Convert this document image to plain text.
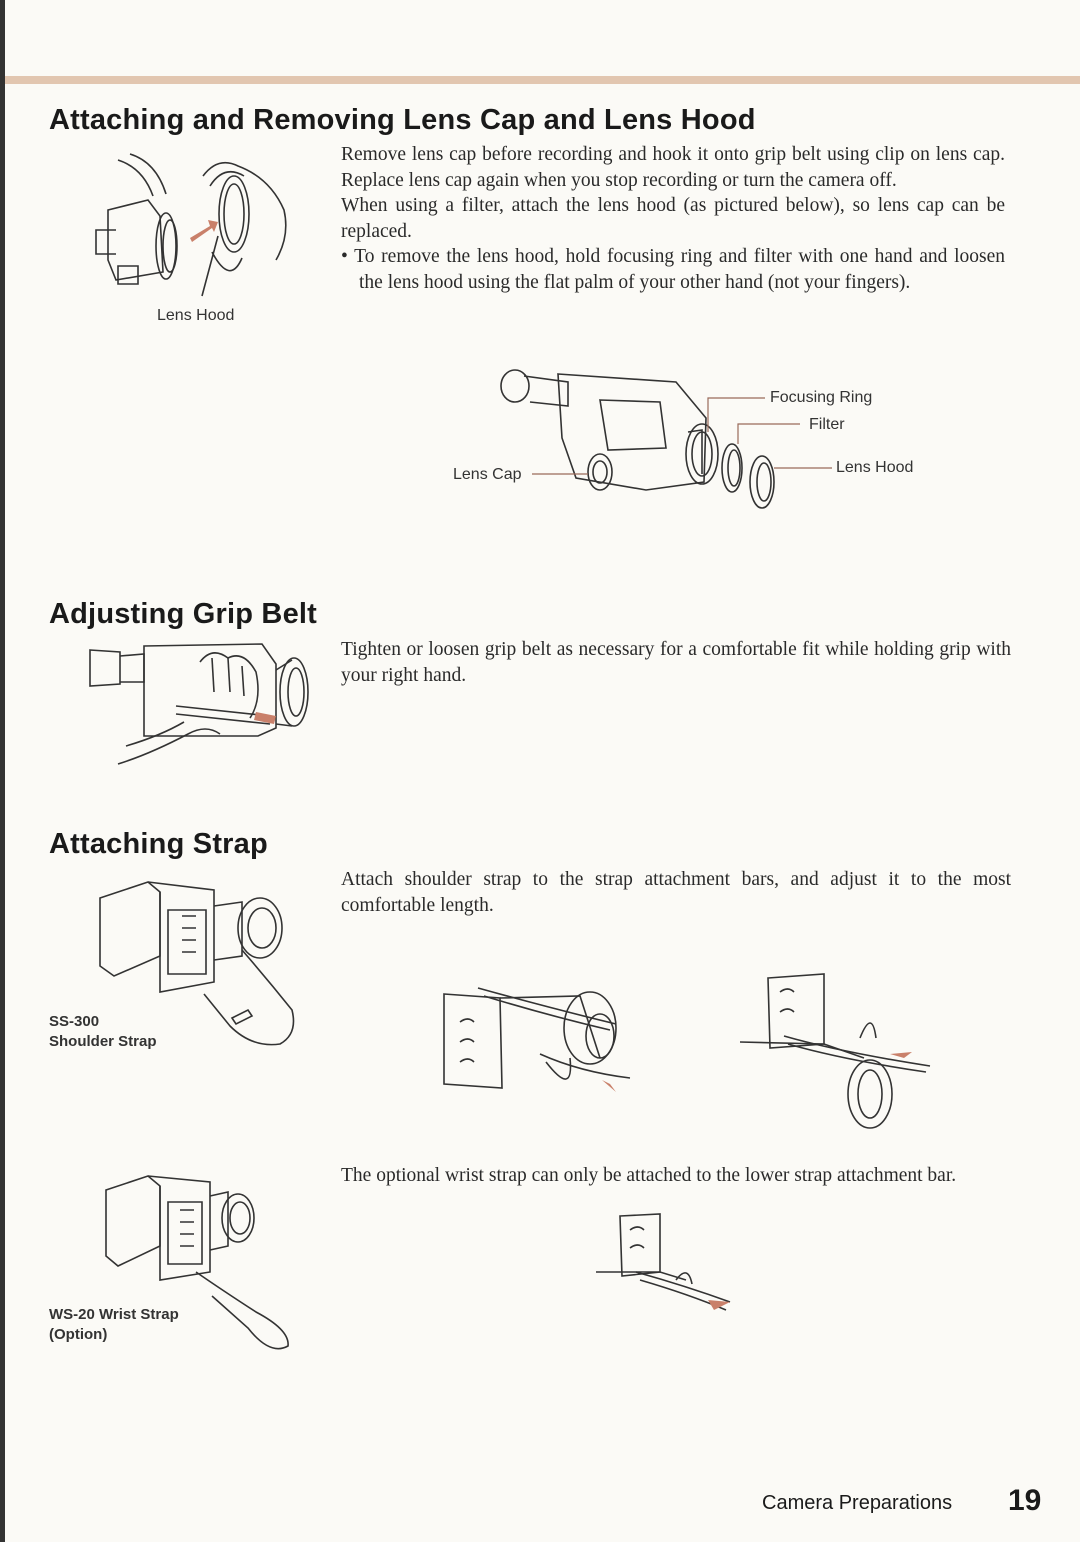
Attaching and Removing Lens Cap and Lens Hood

Remove lens cap before recording and hook it onto grip belt using clip on lens cap. Replace lens cap again when you stop recording or turn the camera off.

When using a filter, attach the lens hood (as pictured below), so lens cap can be replaced.

• To remove the lens hood, hold focusing ring and filter with one hand and loosen the lens hood using the flat palm of your other hand (not your fingers).

Lens Hood
Focusing Ring
Filter
Lens Hood
Lens Cap
Adjusting Grip Belt

Tighten or loosen grip belt as necessary for a comfortable fit while holding grip with your right hand.

Attaching Strap

Attach shoulder strap to the strap attachment bars, and adjust it to the most comfortable length.

SS-300
Shoulder Strap

The optional wrist strap can only be attached to the lower strap attachment bar.

WS-20 Wrist Strap
(Option)
Camera Preparations 19
